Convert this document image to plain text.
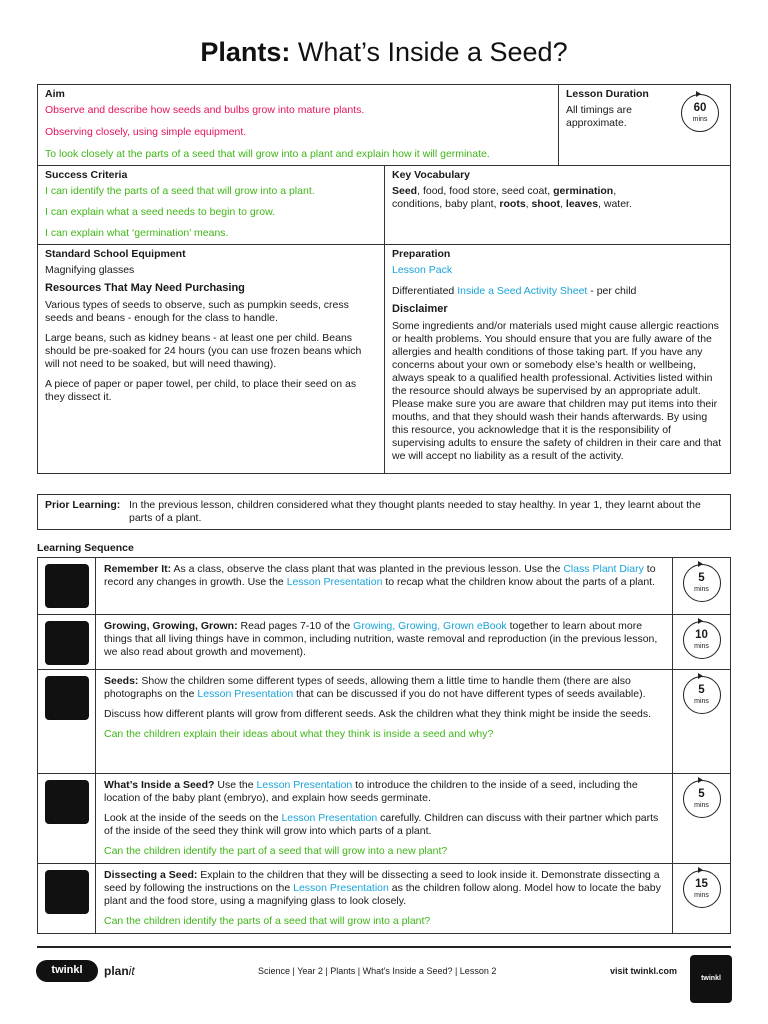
Plants: What’s Inside a Seed?
Aim

Observe and describe how seeds and bulbs grow into mature plants.

Observing closely, using simple equipment.

To look closely at the parts of a seed that will grow into a plant and explain how it will germinate.

Lesson Duration
All timings are approximate.
60
mins
Success Criteria

I can identify the parts of a seed that will grow into a plant.

I can explain what a seed needs to begin to grow.

I can explain what ‘germination’ means.

Key Vocabulary
Seed, food, food store, seed coat, germination,
conditions, baby plant, roots, shoot, leaves, water.
Standard School Equipment

Magnifying glasses

Resources That May Need Purchasing

Various types of seeds to observe, such as pumpkin seeds, cress seeds and beans - enough for the class to handle.

Large beans, such as kidney beans - at least one per child. Beans should be pre-soaked for 24 hours (you can use frozen beans which will not need to be soaked, but will need thawing).

A piece of paper or paper towel, per child, to place their seed on as they dissect it.

Preparation

Lesson Pack

Differentiated Inside a Seed Activity Sheet - per child

Disclaimer
Some ingredients and/or materials used might cause allergic reactions or health problems. You should ensure that you are fully aware of the allergies and health conditions of those taking part. If you have any concerns about your own or somebody else’s health or wellbeing, always speak to a qualified health professional. Activities listed within the resource should always be supervised by an appropriate adult. Please make sure you are aware that children may put items into their mouths, and that they should wash their hands afterwards. By using this resource, you acknowledge that it is the responsibility of supervising adults to ensure the safety of children in their care and that we will accept no liability as a result of the activity.
Prior Learning: In the previous lesson, children considered what they thought plants needed to stay healthy. In year 1, they learnt about the parts of a plant.
Learning Sequence
Remember It: As a class, observe the class plant that was planted in the previous lesson. Use the Class Plant Diary to record any changes in growth. Use the Lesson Presentation to recap what the children know about the parts of a plant.	5
mins
Growing, Growing, Grown: Read pages 7-10 of the Growing, Growing, Grown eBook together to learn about more things that all living things have in common, including nutrition, waste removal and reproduction (in the previous lesson, we also read about growth and movement).
10
mins

Seeds: Show the children some different types of seeds, allowing them a little time to handle them (there are also photographs on the Lesson Presentation that can be discussed if you do not have different types of seeds available).

Discuss how different plants will grow from different seeds. Ask the children what they think might be inside the seeds.

Can the children explain their ideas about what they think is inside a seed and why?

5
mins

What’s Inside a Seed? Use the Lesson Presentation to introduce the children to the inside of a seed, including the location of the baby plant (embryo), and explain how seeds germinate.

Look at the inside of the seeds on the Lesson Presentation carefully. Children can discuss with their partner which parts of the inside of the seed they think will grow into which parts of a plant.

Can the children identify the part of a seed that will grow into a new plant?

5
mins

Dissecting a Seed: Explain to the children that they will be dissecting a seed to look inside it. Demonstrate dissecting a seed by following the instructions on the Lesson Presentation as the children follow along. Model how to locate the baby plant and the food store, using a magnifying glass to look closely.

Can the children identify the parts of a seed that will grow into a plant?

15
mins
twinkl	planit	Science | Year 2 | Plants | What’s Inside a Seed? | Lesson 2	visit twinkl.com
twinkl
